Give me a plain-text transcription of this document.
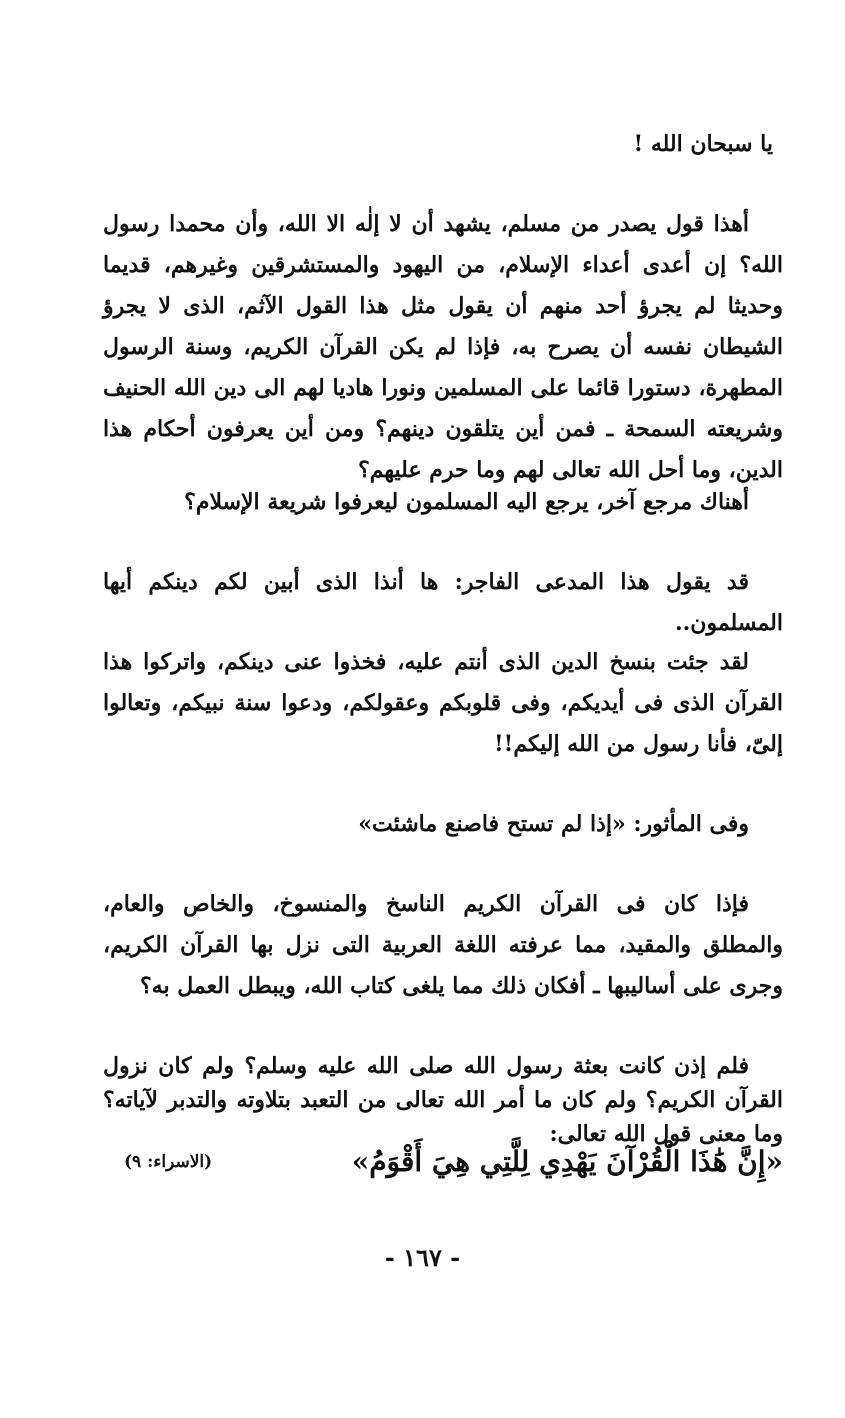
يا سبحان الله !

أهذا قول يصدر من مسلم، يشهد أن لا إلٰه الا الله، وأن محمدا رسول الله؟ إن أعدى أعداء الإسلام، من اليهود والمستشرقين وغيرهم، قديما وحديثا لم يجرؤ أحد منهم أن يقول مثل هذا القول الآثم، الذى لا يجرؤ الشيطان نفسه أن يصرح به، فإذا لم يكن القرآن الكريم، وسنة الرسول المطهرة، دستورا قائما على المسلمين ونورا هاديا لهم الى دين الله الحنيف وشريعته السمحة ـ فمن أين يتلقون دينهم؟ ومن أين يعرفون أحكام هذا الدين، وما أحل الله تعالى لهم وما حرم عليهم؟

أهناك مرجع آخر، يرجع اليه المسلمون ليعرفوا شريعة الإسلام؟

قد يقول هذا المدعى الفاجر: ها أنذا الذى أبين لكم دينكم أيها المسلمون..

لقد جئت بنسخ الدين الذى أنتم عليه، فخذوا عنى دينكم، واتركوا هذا القرآن الذى فى أيديكم، وفى قلوبكم وعقولكم، ودعوا سنة نبيكم، وتعالوا إلىّ، فأنا رسول من الله إليكم!!

وفى المأثور: «إذا لم تستح فاصنع ماشئت»

فإذا كان فى القرآن الكريم الناسخ والمنسوخ، والخاص والعام، والمطلق والمقيد، مما عرفته اللغة العربية التى نزل بها القرآن الكريم، وجرى على أساليبها ـ أفكان ذلك مما يلغى كتاب الله، ويبطل العمل به؟

فلم إذن كانت بعثة رسول الله صلى الله عليه وسلم؟ ولم كان نزول القرآن الكريم؟ ولم كان ما أمر الله تعالى من التعبد بتلاوته والتدبر لآياته؟ وما معنى قول الله تعالى:

«إِنَّ هَٰذَا الْقُرْآنَ يَهْدِي لِلَّتِي هِيَ أَقْوَمُ»
(الاسراء: ٩)
- ١٦٧ -
